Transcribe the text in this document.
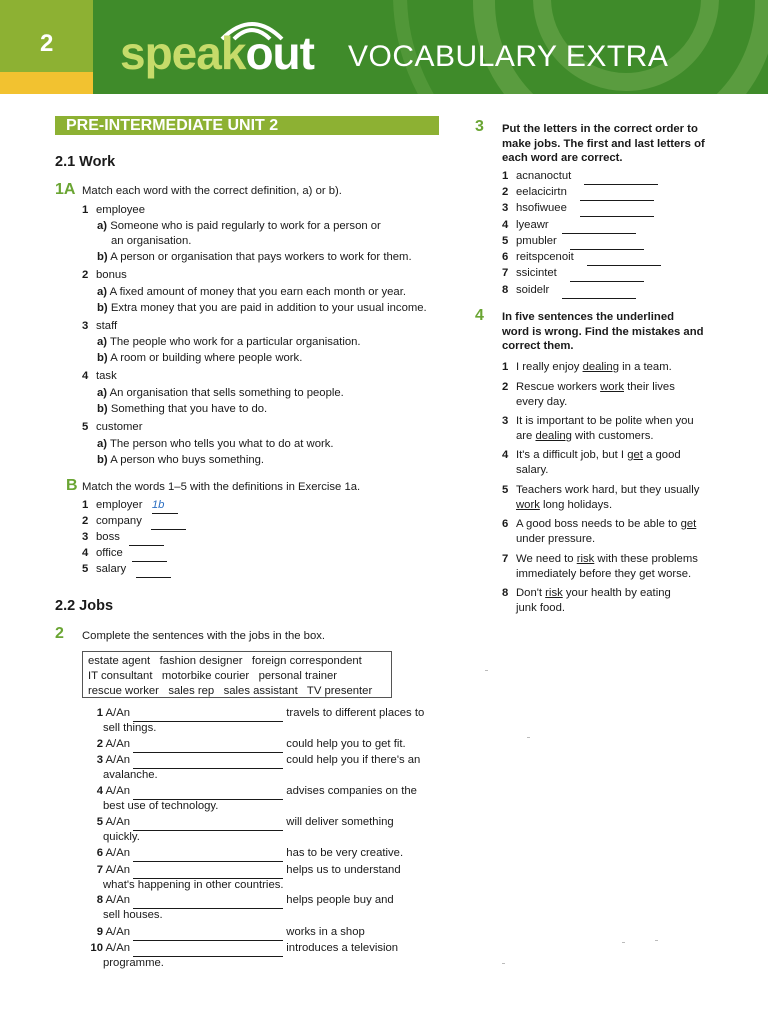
2 speakout VOCABULARY EXTRA
PRE-INTERMEDIATE UNIT 2
2.1 Work
1A Match each word with the correct definition, a) or b).
1 employee
a) Someone who is paid regularly to work for a person or
an organisation.
b) A person or organisation that pays workers to work for them.
2 bonus
a) A fixed amount of money that you earn each month or year.
b) Extra money that you are paid in addition to your usual income.
3 staff
a) The people who work for a particular organisation.
b) A room or building where people work.
4 task
a) An organisation that sells something to people.
b) Something that you have to do.
5 customer
a) The person who tells you what to do at work.
b) A person who buys something.
B Match the words 1–5 with the definitions in Exercise 1a.
1 employer 1b
2 company
3 boss
4 office
5 salary
2.2 Jobs
2 Complete the sentences with the jobs in the box.
estate agent   fashion designer   foreign correspondent
IT consultant   motorbike courier   personal trainer
rescue worker   sales rep   sales assistant   TV presenter
1 A/An	travels to different places to
sell things.
2 A/An	could help you to get fit.
3 A/An	could help you if there's an
avalanche.
4 A/An	advises companies on the
best use of technology.
5 A/An	will deliver something
quickly.
6 A/An	has to be very creative.
7 A/An	helps us to understand
what's happening in other countries.
8 A/An	helps people buy and
sell houses.
9 A/An	works in a shop
10 A/An	introduces a television
programme.
3 Put the letters in the correct order to
make jobs. The first and last letters of
each word are correct.
1 acnanoctut
2 eelacicirtn
3 hsofiwuee
4 lyeawr
5 pmubler
6 reitspcenoit
7 ssicintet
8 soidelr
4 In five sentences the underlined
word is wrong. Find the mistakes and
correct them.
1 I really enjoy dealing in a team.
2 Rescue workers work their lives
every day.
3 It is important to be polite when you
are dealing with customers.
4 It's a difficult job, but I get a good
salary.
5 Teachers work hard, but they usually
work long holidays.
6 A good boss needs to be able to get
under pressure.
7 We need to risk with these problems
immediately before they get worse.
8 Don't risk your health by eating
junk food.
